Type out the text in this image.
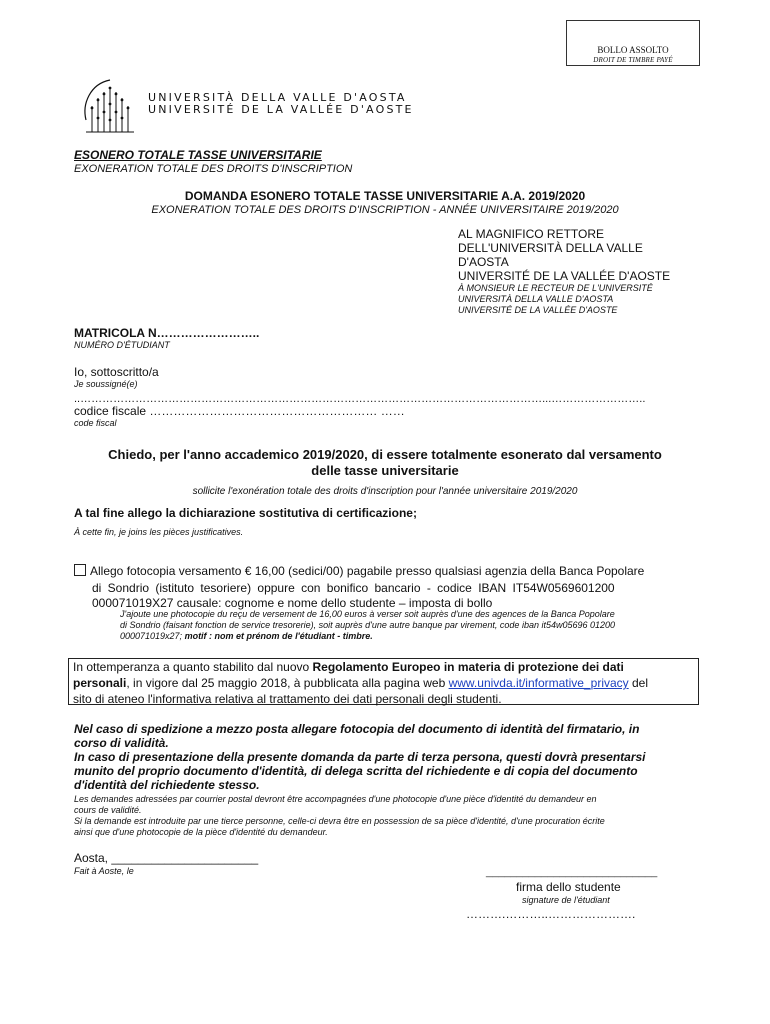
BOLLO ASSOLTO
DROIT DE TIMBRE PAYÉ
UNIVERSITÀ DELLA VALLE D'AOSTA
UNIVERSITÉ DE LA VALLÉE D'AOSTE
ESONERO TOTALE TASSE UNIVERSITARIE
EXONERATION TOTALE DES DROITS D'INSCRIPTION
DOMANDA ESONERO TOTALE TASSE UNIVERSITARIE A.A. 2019/2020
EXONERATION TOTALE DES DROITS D'INSCRIPTION - ANNÉE UNIVERSITAIRE 2019/2020
AL MAGNIFICO RETTORE
DELL'UNIVERSITÀ DELLA VALLE
D'AOSTA
UNIVERSITÉ DE LA VALLÉE D'AOSTE
À MONSIEUR LE RECTEUR DE L'UNIVERSITÉ
UNIVERSITÀ DELLA VALLE D'AOSTA
UNIVERSITÉ DE LA VALLÉE D'AOSTE
MATRICOLA N……………………..
NUMÉRO D'ÉTUDIANT
Io, sottoscritto/a
Je soussigné(e)
..………………………………………………………………………………………………………………...……………………..
codice fiscale ………………………………………………… ……
code fiscal
Chiedo, per l'anno accademico 2019/2020, di essere totalmente esonerato dal versamento
delle tasse universitarie
sollicite l'exonération totale des droits d'inscription pour l'année universitaire 2019/2020
A tal fine allego la dichiarazione sostitutiva di certificazione;
À cette fin, je joins les pièces justificatives.
Allego fotocopia versamento € 16,00 (sedici/00) pagabile presso qualsiasi agenzia della Banca Popolare
di Sondrio (istituto tesoriere) oppure con bonifico bancario - codice IBAN IT54W0569601200
000071019X27 causale: cognome e nome dello studente – imposta di bollo
J'ajoute une photocopie du reçu de versement de 16,00 euros à verser soit auprès d'une des agences de la Banca Popolare
di Sondrio (faisant fonction de service tresorerie), soit auprès d'une autre banque par virement, code iban it54w05696 01200
000071019x27; motif : nom et prénom de l'étudiant - timbre.
In ottemperanza a quanto stabilito dal nuovo Regolamento Europeo in materia di protezione dei dati
personali, in vigore dal 25 maggio 2018, à pubblicata alla pagina web www.univda.it/informative_privacy del
sito di ateneo l'informativa relativa al trattamento dei dati personali degli studenti.
Nel caso di spedizione a mezzo posta allegare fotocopia del documento di identità del firmatario, in
corso di validità.
In caso di presentazione della presente domanda da parte di terza persona, questi dovrà presentarsi
munito del proprio documento d'identità, di delega scritta del richiedente e di copia del documento
d'identità del richiedente stesso.
Les demandes adressées par courrier postal devront être accompagnées d'une photocopie d'une pièce d'identité du demandeur en
cours de validité.
Si la demande est introduite par une tierce personne, celle-ci devra être en possession de sa pièce d'identité, d'une procuration écrite
ainsi que d'une photocopie de la pièce d'identité du demandeur.
Aosta, ______________________
Fait à Aoste, le	____________________________
firma dello studente
signature de l'étudiant
……….………..………………….
